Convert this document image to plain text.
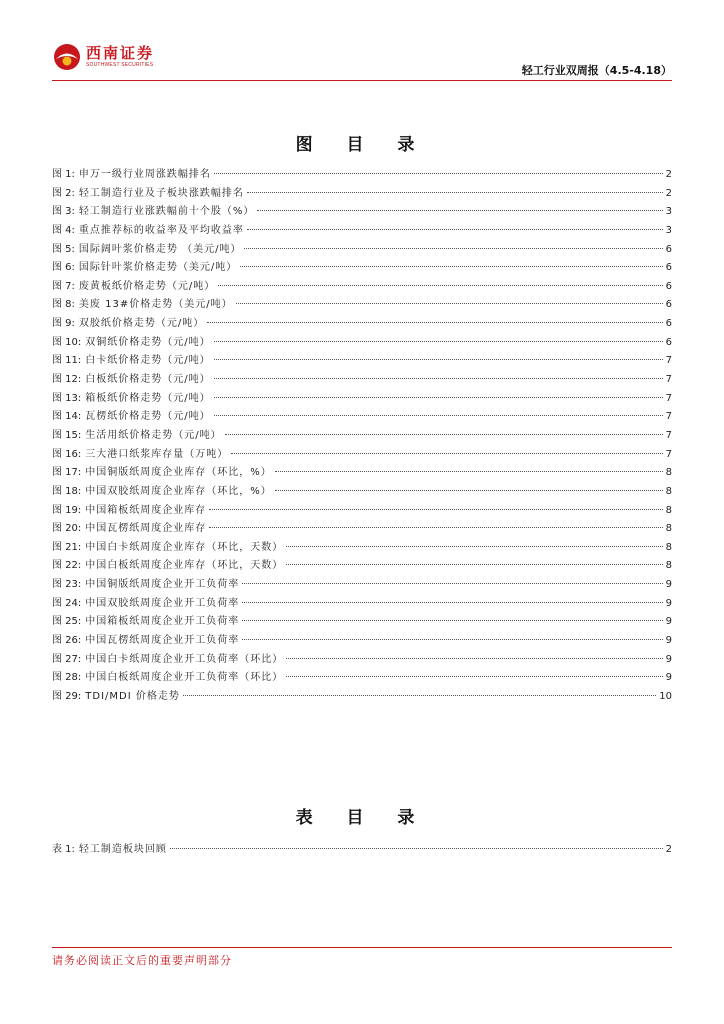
西南证券
SOUTHWEST SECURITIES	轻工行业双周报（4.5-4.18）
图 目 录
图 1: 申万一级行业周涨跌幅排名	2
图 2: 轻工制造行业及子板块涨跌幅排名	2
图 3: 轻工制造行业涨跌幅前十个股（%）	3
图 4: 重点推荐标的收益率及平均收益率	3
图 5: 国际阔叶浆价格走势 （美元/吨）	6
图 6: 国际针叶浆价格走势（美元/吨）	6
图 7: 废黄板纸价格走势（元/吨）	6
图 8: 美废 13#价格走势（美元/吨）	6
图 9: 双胶纸价格走势（元/吨）	6
图 10: 双铜纸价格走势（元/吨）	6
图 11: 白卡纸价格走势（元/吨）	7
图 12: 白板纸价格走势（元/吨）	7
图 13: 箱板纸价格走势（元/吨）	7
图 14: 瓦楞纸价格走势（元/吨）	7
图 15: 生活用纸价格走势（元/吨）	7
图 16: 三大港口纸浆库存量（万吨）	7
图 17: 中国铜版纸周度企业库存（环比，%）	8
图 18: 中国双胶纸周度企业库存（环比，%）	8
图 19: 中国箱板纸周度企业库存	8
图 20: 中国瓦楞纸周度企业库存	8
图 21: 中国白卡纸周度企业库存（环比，天数）	8
图 22: 中国白板纸周度企业库存（环比，天数）	8
图 23: 中国铜版纸周度企业开工负荷率	9
图 24: 中国双胶纸周度企业开工负荷率	9
图 25: 中国箱板纸周度企业开工负荷率	9
图 26: 中国瓦楞纸周度企业开工负荷率	9
图 27: 中国白卡纸周度企业开工负荷率（环比）	9
图 28: 中国白板纸周度企业开工负荷率（环比）	9
图 29: TDI/MDI 价格走势	10
表 目 录
表 1: 轻工制造板块回顾	2
请务必阅读正文后的重要声明部分
